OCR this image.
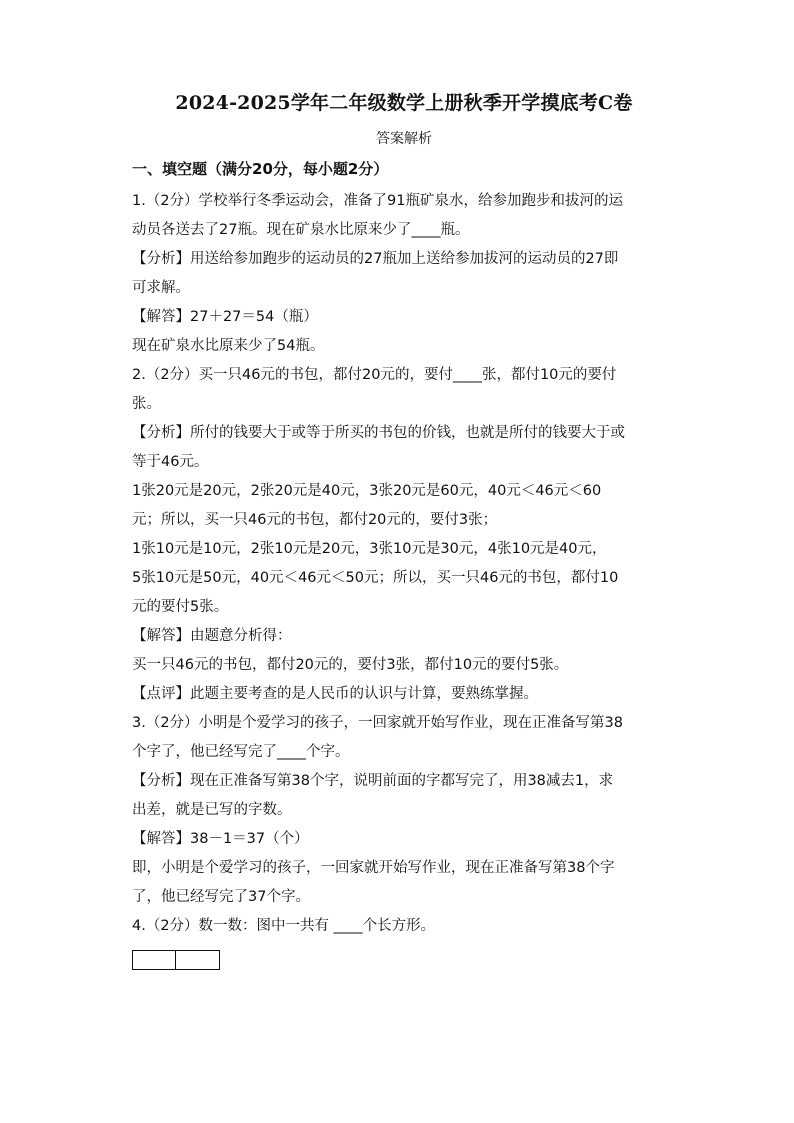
2024-2025学年二年级数学上册秋季开学摸底考C卷
答案解析
一、填空题（满分20分，每小题2分）

1.（2分）学校举行冬季运动会，准备了91瓶矿泉水，给参加跑步和拔河的运

动员各送去了27瓶。现在矿泉水比原来少了____瓶。

【分析】用送给参加跑步的运动员的27瓶加上送给参加拔河的运动员的27即

可求解。

【解答】27＋27＝54（瓶）

现在矿泉水比原来少了54瓶。

2.（2分）买一只46元的书包，都付20元的，要付____张，都付10元的要付

张。

【分析】所付的钱要大于或等于所买的书包的价钱，也就是所付的钱要大于或

等于46元。

1张20元是20元，2张20元是40元，3张20元是60元，40元＜46元＜60

元；所以，买一只46元的书包，都付20元的，要付3张；

1张10元是10元，2张10元是20元，3张10元是30元，4张10元是40元，

5张10元是50元，40元＜46元＜50元；所以，买一只46元的书包，都付10

元的要付5张。

【解答】由题意分析得：

买一只46元的书包，都付20元的，要付3张，都付10元的要付5张。

【点评】此题主要考查的是人民币的认识与计算，要熟练掌握。

3.（2分）小明是个爱学习的孩子，一回家就开始写作业，现在正准备写第38

个字了，他已经写完了____个字。

【分析】现在正准备写第38个字，说明前面的字都写完了，用38减去1，求

出差，就是已写的字数。

【解答】38－1＝37（个）

即，小明是个爱学习的孩子，一回家就开始写作业，现在正准备写第38个字

了，他已经写完了37个字。

4.（2分）数一数：图中一共有 ____个长方形。
